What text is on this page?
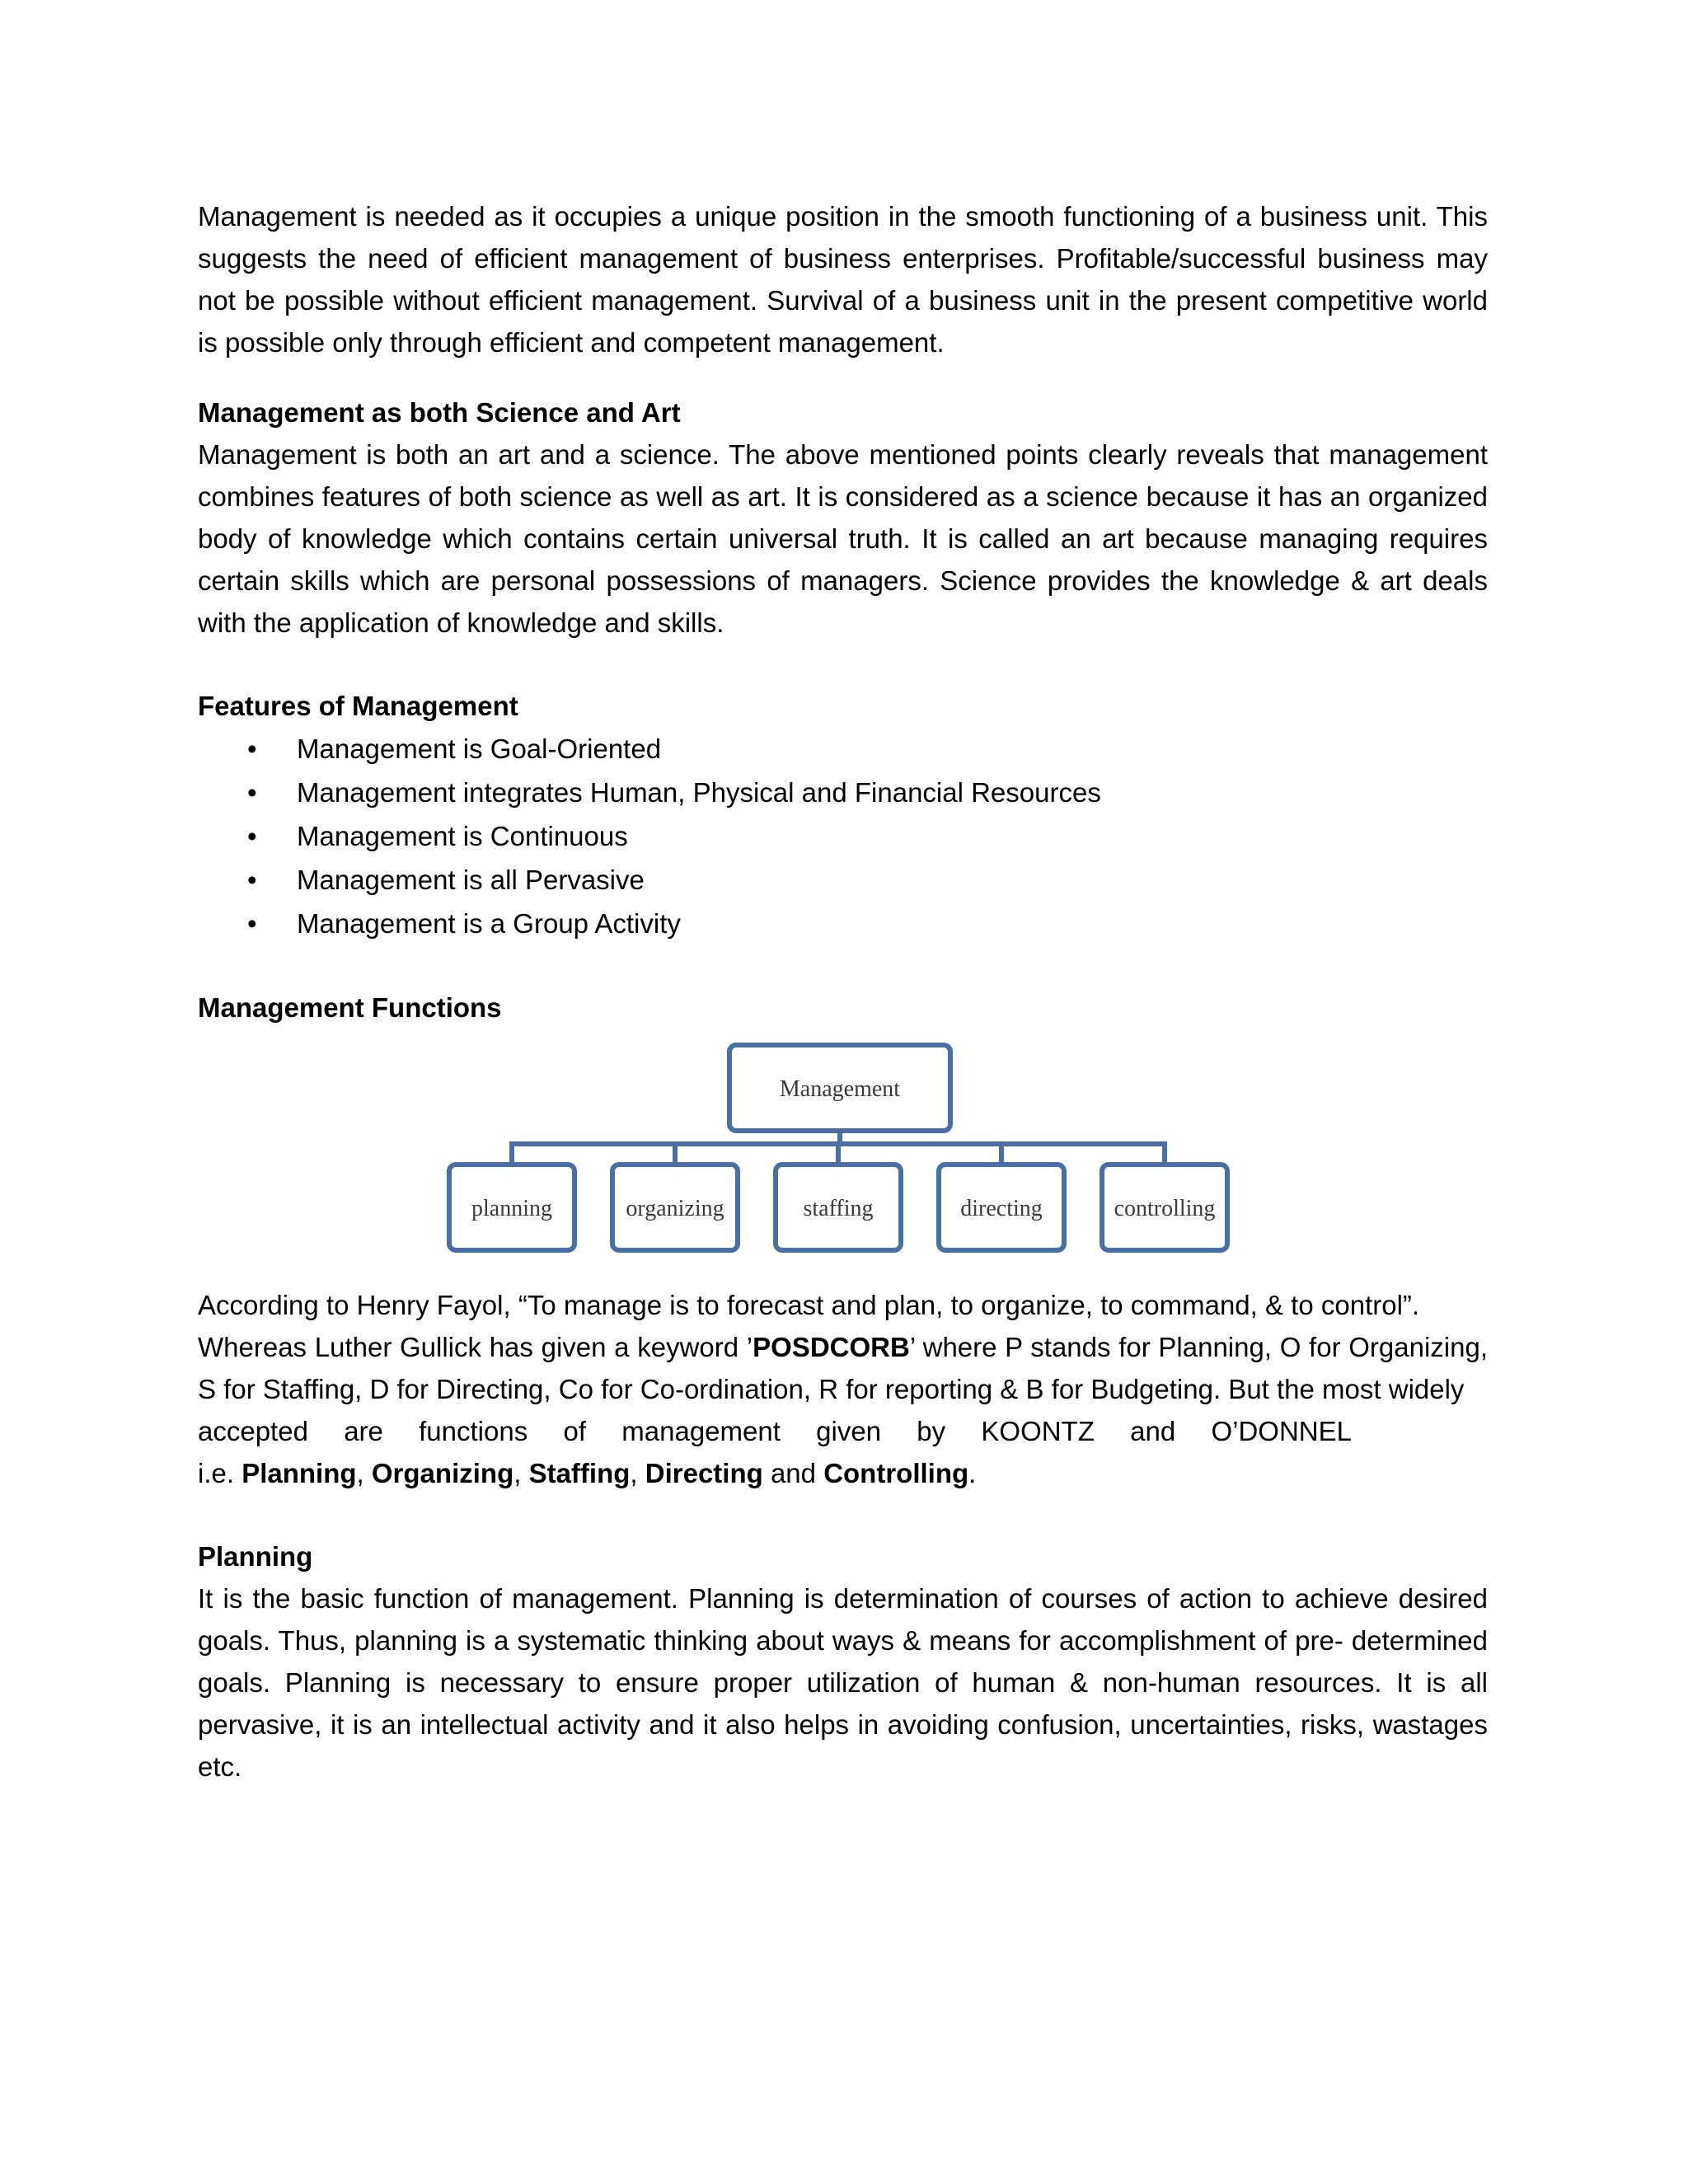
Management is needed as it occupies a unique position in the smooth functioning of a business unit. This suggests the need of efficient management of business enterprises. Profitable/successful business may not be possible without efficient management. Survival of a business unit in the present competitive world is possible only through efficient and competent management.

Management as both Science and Art

Management is both an art and a science. The above mentioned points clearly reveals that management combines features of both science as well as art. It is considered as a science because it has an organized body of knowledge which contains certain universal truth. It is called an art because managing requires certain skills which are personal possessions of managers. Science provides the knowledge & art deals with the application of knowledge and skills.

Features of Management
• Management is Goal-Oriented
• Management integrates Human, Physical and Financial Resources
• Management is Continuous
• Management is all Pervasive
• Management is a Group Activity
Management Functions
Management
planning	organizing	staffing	directing	controlling

According to Henry Fayol, “To manage is to forecast and plan, to organize, to command, & to control”.

Whereas Luther Gullick has given a keyword ’POSDCORB’ where P stands for Planning, O for Organizing, S for Staffing, D for Directing, Co for Co-ordination, R for reporting & B for Budgeting. But the most widely

accepted are functions of management given by KOONTZ and O’DONNEL

i.e. Planning, Organizing, Staffing, Directing and Controlling.

Planning

It is the basic function of management. Planning is determination of courses of action to achieve desired goals. Thus, planning is a systematic thinking about ways & means for accomplishment of pre- determined goals. Planning is necessary to ensure proper utilization of human & non-human resources. It is all pervasive, it is an intellectual activity and it also helps in avoiding confusion, uncertainties, risks, wastages etc.
